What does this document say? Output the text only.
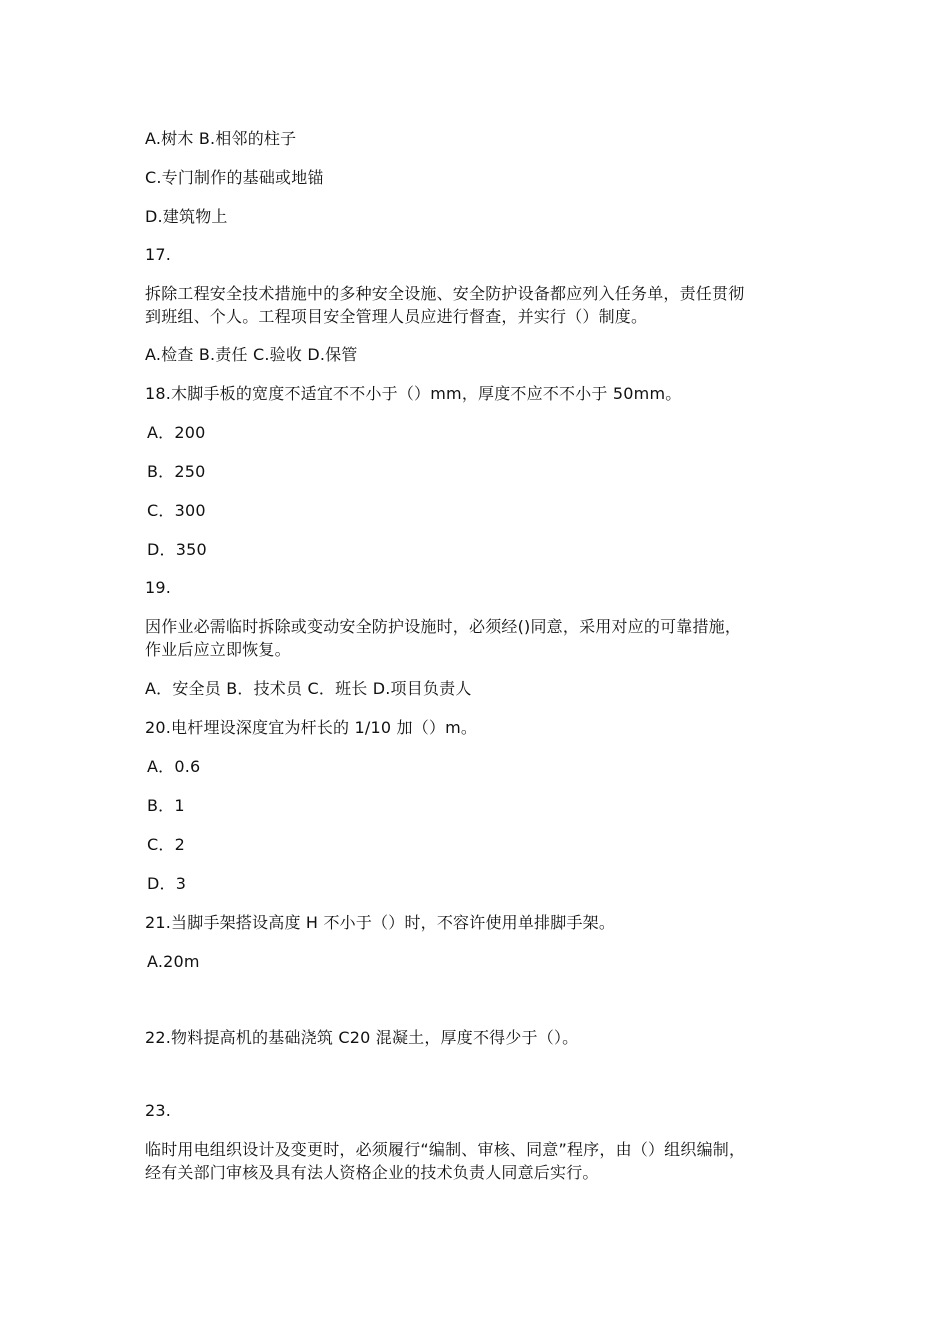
A.树木 B.相邻的柱子
C.专门制作的基础或地锚
D.建筑物上
17.
拆除工程安全技术措施中的多种安全设施、安全防护设备都应列入任务单，责任贯彻
到班组、个人。工程项目安全管理人员应进行督查，并实行（）制度。
A.检查 B.责任 C.验收 D.保管
18.木脚手板的宽度不适宜不不小于（）mm，厚度不应不不小于 50mm。
A．200
B．250
C．300
D．350
19.
因作业必需临时拆除或变动安全防护设施时，必须经()同意，采用对应的可靠措施，
作业后应立即恢复。
A．安全员 B．技术员 C．班长 D.项目负责人
20.电杆埋设深度宜为杆长的 1/10 加（）m。
A．0.6
B．1
C．2
D．3
21.当脚手架搭设高度 H 不小于（）时，不容许使用单排脚手架。
A.20m
22.物料提高机的基础浇筑 C20 混凝土，厚度不得少于（）。
23.
临时用电组织设计及变更时，必须履行“编制、审核、同意”程序，由（）组织编制，
经有关部门审核及具有法人资格企业的技术负责人同意后实行。
